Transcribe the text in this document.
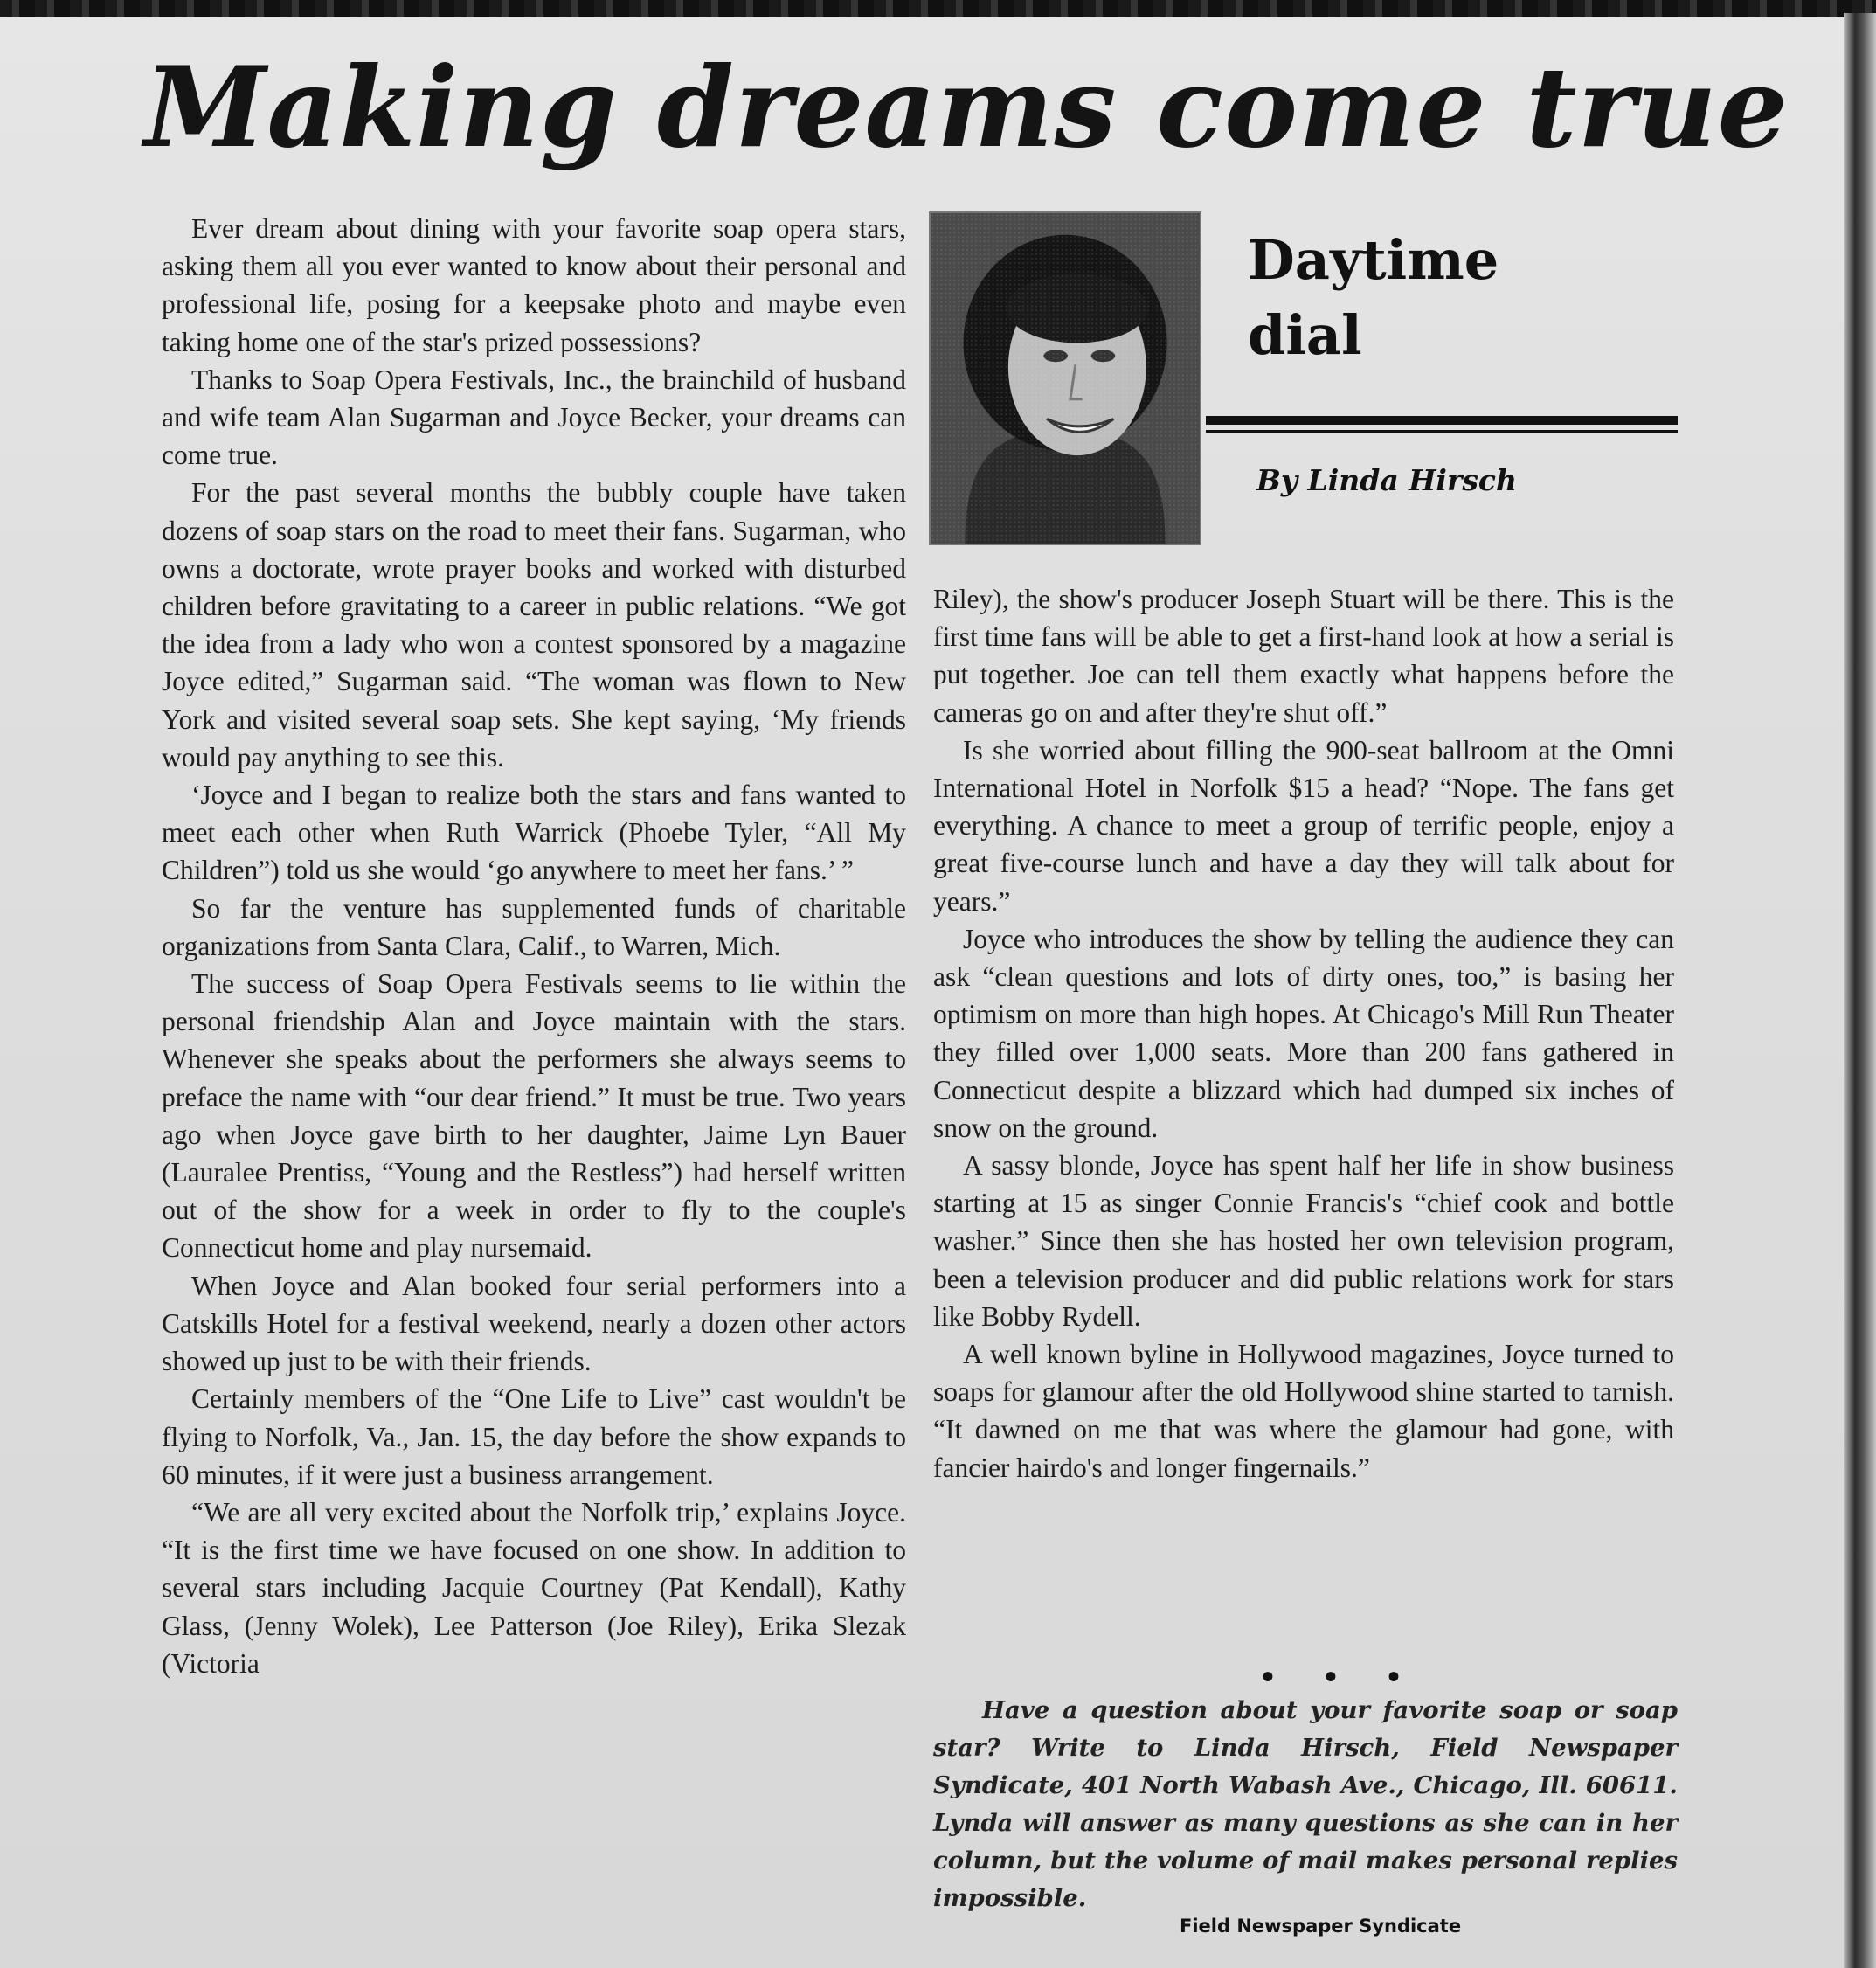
Making dreams come true

Ever dream about dining with your favorite soap opera stars, asking them all you ever wanted to know about their personal and professional life, posing for a keepsake photo and maybe even taking home one of the star's prized possessions?

Thanks to Soap Opera Festivals, Inc., the brainchild of husband and wife team Alan Sugarman and Joyce Becker, your dreams can come true.

For the past several months the bubbly couple have taken dozens of soap stars on the road to meet their fans. Sugarman, who owns a doctorate, wrote prayer books and worked with disturbed children before gravitating to a career in public relations. “We got the idea from a lady who won a contest sponsored by a magazine Joyce edited,” Sugarman said. “The woman was flown to New York and visited several soap sets. She kept saying, ‘My friends would pay anything to see this.

‘Joyce and I began to realize both the stars and fans wanted to meet each other when Ruth Warrick (Phoebe Tyler, “All My Children”) told us she would ‘go anywhere to meet her fans.’ ”

So far the venture has supplemented funds of charitable organizations from Santa Clara, Calif., to Warren, Mich.

The success of Soap Opera Festivals seems to lie within the personal friendship Alan and Joyce maintain with the stars. Whenever she speaks about the performers she always seems to preface the name with “our dear friend.” It must be true. Two years ago when Joyce gave birth to her daughter, Jaime Lyn Bauer (Lauralee Prentiss, “Young and the Restless”) had herself written out of the show for a week in order to fly to the couple's Connecticut home and play nursemaid.

When Joyce and Alan booked four serial performers into a Catskills Hotel for a festival weekend, nearly a dozen other actors showed up just to be with their friends.

Certainly members of the “One Life to Live” cast wouldn't be flying to Norfolk, Va., Jan. 15, the day before the show expands to 60 minutes, if it were just a business arrangement.

“We are all very excited about the Norfolk trip,’ explains Joyce. “It is the first time we have focused on one show. In addition to several stars including Jacquie Courtney (Pat Kendall), Kathy Glass, (Jenny Wolek), Lee Patterson (Joe Riley), Erika Slezak (Victoria

Daytime
dial
By Linda Hirsch

Riley), the show's producer Joseph Stuart will be there. This is the first time fans will be able to get a first-hand look at how a serial is put together. Joe can tell them exactly what happens before the cameras go on and after they're shut off.”

Is she worried about filling the 900-seat ballroom at the Omni International Hotel in Norfolk $15 a head? “Nope. The fans get everything. A chance to meet a group of terrific people, enjoy a great five-course lunch and have a day they will talk about for years.”

Joyce who introduces the show by telling the audience they can ask “clean questions and lots of dirty ones, too,” is basing her optimism on more than high hopes. At Chicago's Mill Run Theater they filled over 1,000 seats. More than 200 fans gathered in Connecticut despite a blizzard which had dumped six inches of snow on the ground.

A sassy blonde, Joyce has spent half her life in show business starting at 15 as singer Connie Francis's “chief cook and bottle washer.” Since then she has hosted her own television program, been a television producer and did public relations work for stars like Bobby Rydell.

A well known byline in Hollywood magazines, Joyce turned to soaps for glamour after the old Hollywood shine started to tarnish. “It dawned on me that was where the glamour had gone, with fancier hairdo's and longer fingernails.”

• • •

Have a question about your favorite soap or soap star? Write to Linda Hirsch, Field Newspaper Syndicate, 401 North Wabash Ave., Chicago, Ill. 60611. Lynda will answer as many questions as she can in her column, but the volume of mail makes personal replies impossible.

Field Newspaper Syndicate
